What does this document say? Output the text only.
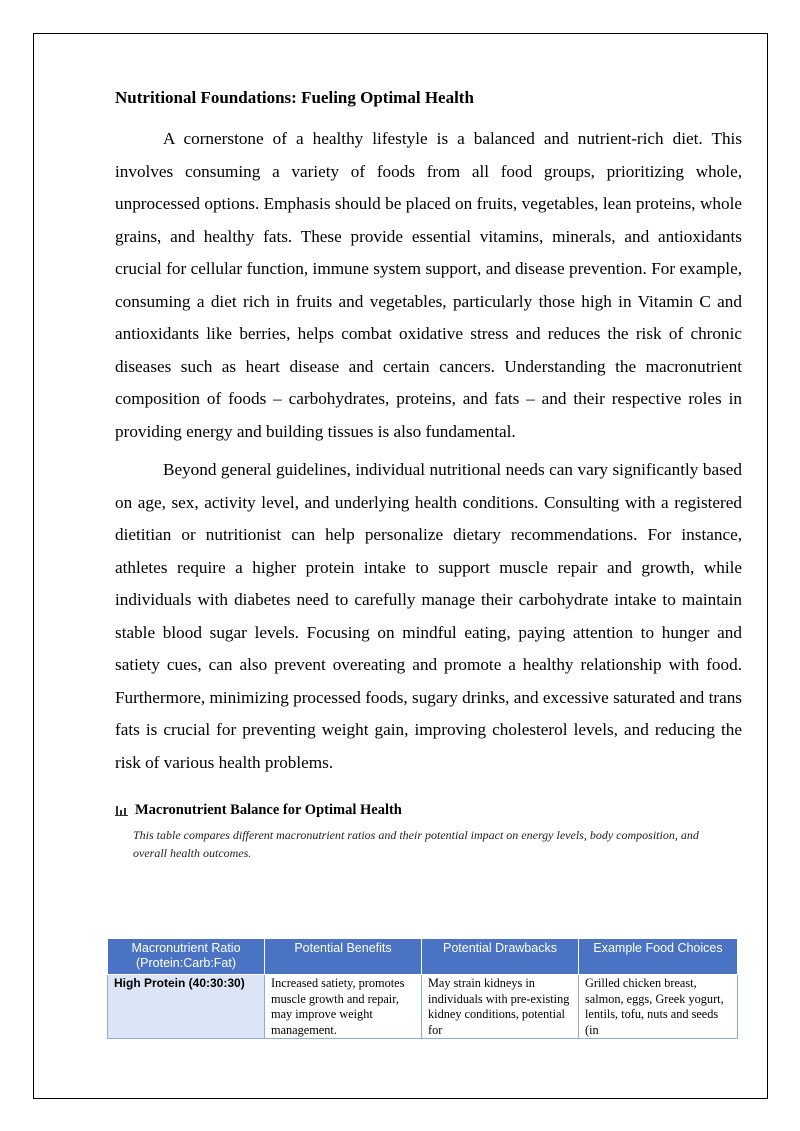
Nutritional Foundations: Fueling Optimal Health

A cornerstone of a healthy lifestyle is a balanced and nutrient-rich diet. This involves consuming a variety of foods from all food groups, prioritizing whole, unprocessed options. Emphasis should be placed on fruits, vegetables, lean proteins, whole grains, and healthy fats. These provide essential vitamins, minerals, and antioxidants crucial for cellular function, immune system support, and disease prevention. For example, consuming a diet rich in fruits and vegetables, particularly those high in Vitamin C and antioxidants like berries, helps combat oxidative stress and reduces the risk of chronic diseases such as heart disease and certain cancers. Understanding the macronutrient composition of foods – carbohydrates, proteins, and fats – and their respective roles in providing energy and building tissues is also fundamental.

Beyond general guidelines, individual nutritional needs can vary significantly based on age, sex, activity level, and underlying health conditions. Consulting with a registered dietitian or nutritionist can help personalize dietary recommendations. For instance, athletes require a higher protein intake to support muscle repair and growth, while individuals with diabetes need to carefully manage their carbohydrate intake to maintain stable blood sugar levels. Focusing on mindful eating, paying attention to hunger and satiety cues, can also prevent overeating and promote a healthy relationship with food. Furthermore, minimizing processed foods, sugary drinks, and excessive saturated and trans fats is crucial for preventing weight gain, improving cholesterol levels, and reducing the risk of various health problems.

Macronutrient Balance for Optimal Health

This table compares different macronutrient ratios and their potential impact on energy levels, body composition, and overall health outcomes.

Macronutrient Ratio (Protein:Carb:Fat)	Potential Benefits	Potential Drawbacks	Example Food Choices
High Protein (40:30:30)	Increased satiety, promotes muscle growth and repair, may improve weight management.	May strain kidneys in individuals with pre-existing kidney conditions, potential for	Grilled chicken breast, salmon, eggs, Greek yogurt, lentils, tofu, nuts and seeds (in
